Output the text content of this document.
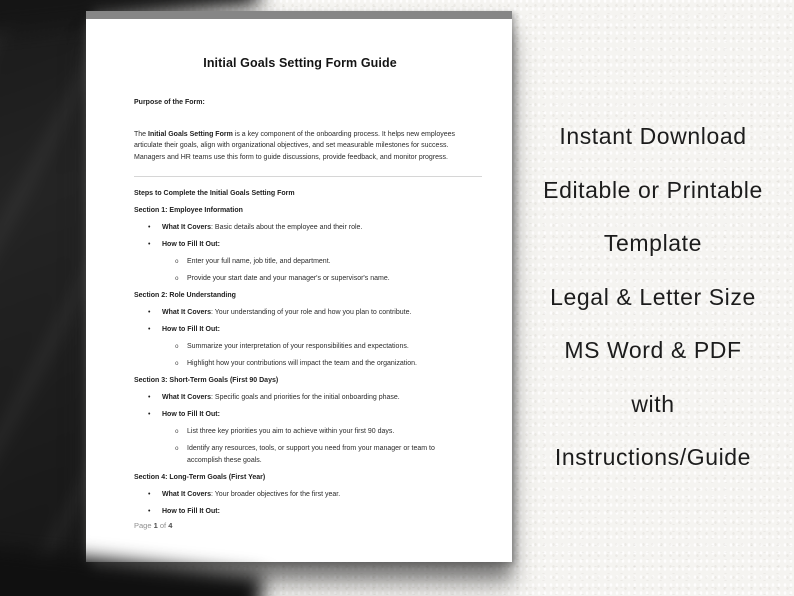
Initial Goals Setting Form Guide

Purpose of the Form:

The Initial Goals Setting Form is a key component of the onboarding process. It helps new employees articulate their goals, align with organizational objectives, and set measurable milestones for success. Managers and HR teams use this form to guide discussions, provide feedback, and monitor progress.

Steps to Complete the Initial Goals Setting Form

Section 1: Employee Information

• What It Covers: Basic details about the employee and their role.
• How to Fill It Out:
o Enter your full name, job title, and department.
o Provide your start date and your manager's or supervisor's name.

Section 2: Role Understanding

• What It Covers: Your understanding of your role and how you plan to contribute.
• How to Fill It Out:
o Summarize your interpretation of your responsibilities and expectations.
o Highlight how your contributions will impact the team and the organization.

Section 3: Short-Term Goals (First 90 Days)

• What It Covers: Specific goals and priorities for the initial onboarding phase.
• How to Fill It Out:
o List three key priorities you aim to achieve within your first 90 days.
o Identify any resources, tools, or support you need from your manager or team to accomplish these goals.

Section 4: Long-Term Goals (First Year)

• What It Covers: Your broader objectives for the first year.
• How to Fill It Out:
Page 1 of 4
Instant Download
Editable or Printable
Template
Legal & Letter Size
MS Word & PDF
with
Instructions/Guide
